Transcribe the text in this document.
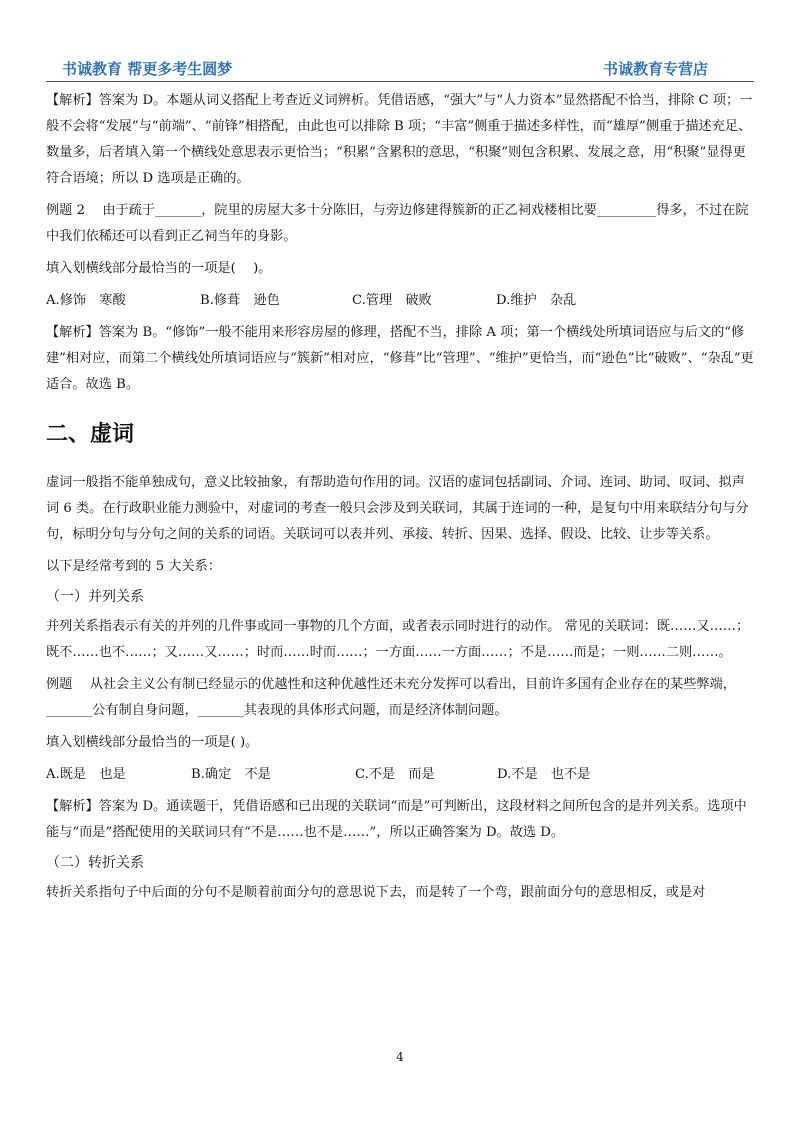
书诚教育 帮更多考生圆梦	书诚教育专营店

【解析】答案为 D。本题从词义搭配上考查近义词辨析。凭借语感，“强大”与“人力资本”显然搭配不恰当，排除 C 项；一般不会将“发展”与“前端”、“前锋”相搭配，由此也可以排除 B 项；“丰富”侧重于描述多样性，而“雄厚”侧重于描述充足、数量多，后者填入第一个横线处意思表示更恰当；“积累”含累积的意思，“积聚”则包含积累、发展之意，用“积聚”显得更符合语境；所以 D 选项是正确的。

例题 2　 由于疏于_______，院里的房屋大多十分陈旧，与旁边修建得簇新的正乙祠戏楼相比要_________得多，不过在院中我们依稀还可以看到正乙祠当年的身影。

填入划横线部分最恰当的一项是(　 )。

A.修饰　寒酸	B.修葺　逊色	C.管理　破败	D.维护　杂乱

【解析】答案为 B。“修饰”一般不能用来形容房屋的修理，搭配不当，排除 A 项；第一个横线处所填词语应与后文的“修建”相对应，而第二个横线处所填词语应与“簇新”相对应，“修葺”比“管理”、“维护”更恰当，而“逊色”比“破败”、“杂乱”更适合。故选 B。

二、虚词

虚词一般指不能单独成句，意义比较抽象，有帮助造句作用的词。汉语的虚词包括副词、介词、连词、助词、叹词、拟声词 6 类。在行政职业能力测验中，对虚词的考查一般只会涉及到关联词，其属于连词的一种，是复句中用来联结分句与分句，标明分句与分句之间的关系的词语。关联词可以表并列、承接、转折、因果、选择、假设、比较、让步等关系。

以下是经常考到的 5 大关系：

（一）并列关系

并列关系指表示有关的并列的几件事或同一事物的几个方面，或者表示同时进行的动作。 常见的关联词：既……又……；既不……也不……；又……又……；时而……时而……；一方面……一方面……；不是……而是；一则……二则……。

例题　 从社会主义公有制已经显示的优越性和这种优越性还未充分发挥可以看出，目前许多国有企业存在的某些弊端，_______公有制自身问题，_______其表现的具体形式问题，而是经济体制问题。

填入划横线部分最恰当的一项是( )。

A.既是　也是	B.确定　不是	C.不是　而是	D.不是　也不是

【解析】答案为 D。通读题干，凭借语感和已出现的关联词“而是”可判断出，这段材料之间所包含的是并列关系。选项中能与“而是”搭配使用的关联词只有“不是……也不是……”，所以正确答案为 D。故选 D。

（二）转折关系

转折关系指句子中后面的分句不是顺着前面分句的意思说下去，而是转了一个弯，跟前面分句的意思相反，或是对

4
